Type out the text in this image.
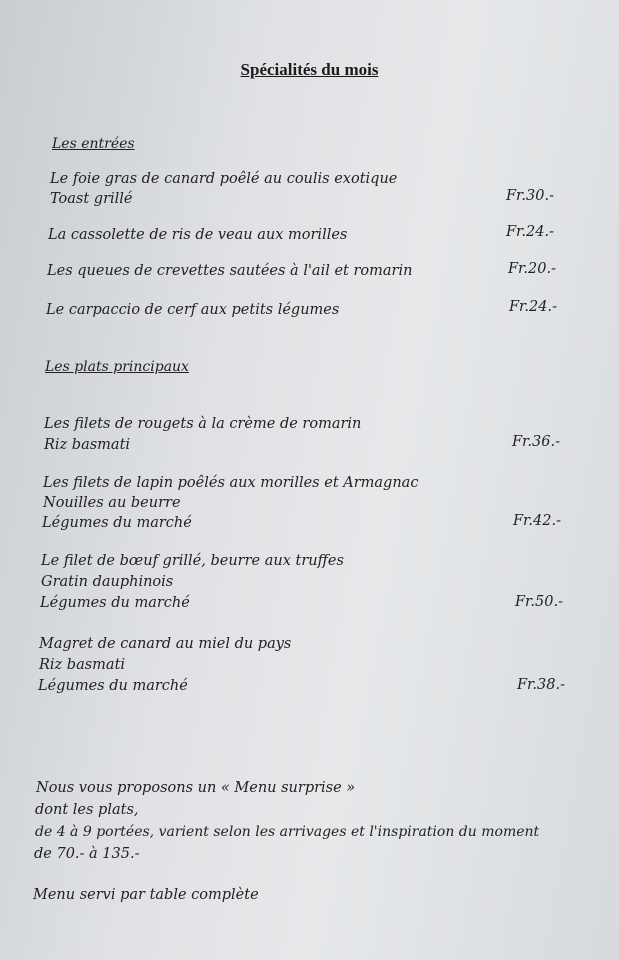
Spécialités du mois
Les entrées
Le foie gras de canard poêlé au coulis exotique
Toast grillé	Fr.30.-
La cassolette de ris de veau aux morilles	Fr.24.-
Les queues de crevettes sautées à l'ail et romarin	Fr.20.-
Le carpaccio de cerf aux petits légumes	Fr.24.-
Les plats principaux
Les filets de rougets à la crème de romarin
Riz basmati	Fr.36.-
Les filets de lapin poêlés aux morilles et Armagnac
Nouilles au beurre
Légumes du marché	Fr.42.-
Le filet de bœuf grillé, beurre aux truffes
Gratin dauphinois
Légumes du marché	Fr.50.-
Magret de canard au miel du pays
Riz basmati
Légumes du marché	Fr.38.-
Nous vous proposons un « Menu surprise »
dont les plats,
de 4 à 9 portées, varient selon les arrivages et l'inspiration du moment
de 70.- à 135.-
Menu servi par table complète
